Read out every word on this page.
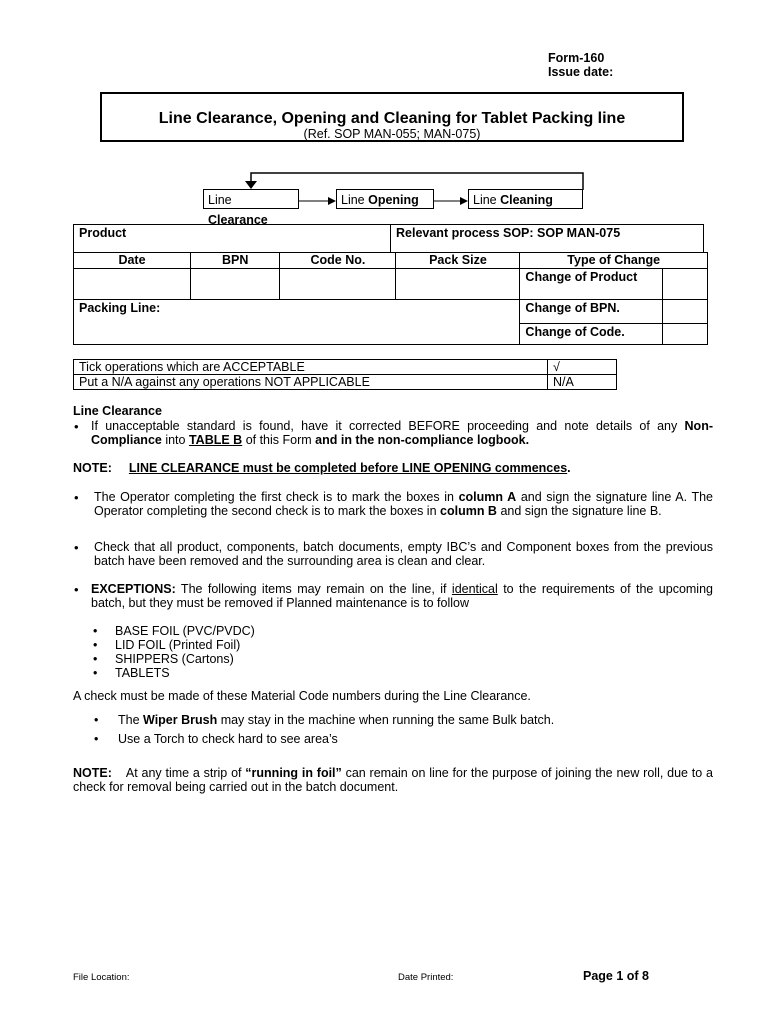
Form-160
Issue date:
Line Clearance, Opening and Cleaning for Tablet Packing line
(Ref. SOP MAN-055; MAN-075)
Line Clearance
Line Opening	Line Cleaning
Product	Relevant process SOP: SOP MAN-075
Date	BPN	Code No.	Pack Size	Type of Change	
				Change of Product	
Packing Line:				Change of BPN.	
				Change of Code.	
Tick operations which are ACCEPTABLE	√
Put a N/A against any operations NOT APPLICABLE	N/A
Line Clearance
• If unacceptable standard is found, have it corrected BEFORE proceeding and note details of any Non-Compliance into TABLE B of this Form and in the non-compliance logbook.

NOTE: LINE CLEARANCE must be completed before LINE OPENING commences.
• The Operator completing the first check is to mark the boxes in column A and sign the signature line A. The Operator completing the second check is to mark the boxes in column B and sign the signature line B.

• Check that all product, components, batch documents, empty IBC’s and Component boxes from the previous batch have been removed and the surrounding area is clean and clear.

• EXCEPTIONS: The following items may remain on the line, if identical to the requirements of the upcoming batch, but they must be removed if Planned maintenance is to follow

• BASE FOIL (PVC/PVDC)
• LID FOIL (Printed Foil)
• SHIPPERS (Cartons)
• TABLETS
A check must be made of these Material Code numbers during the Line Clearance.
• The Wiper Brush may stay in the machine when running the same Bulk batch.
• Use a Torch to check hard to see area’s

NOTE: At any time a strip of “running in foil” can remain on line for the purpose of joining the new roll, due to a check for removal being carried out in the batch document.

File Location:	Date Printed:	Page 1 of 8
